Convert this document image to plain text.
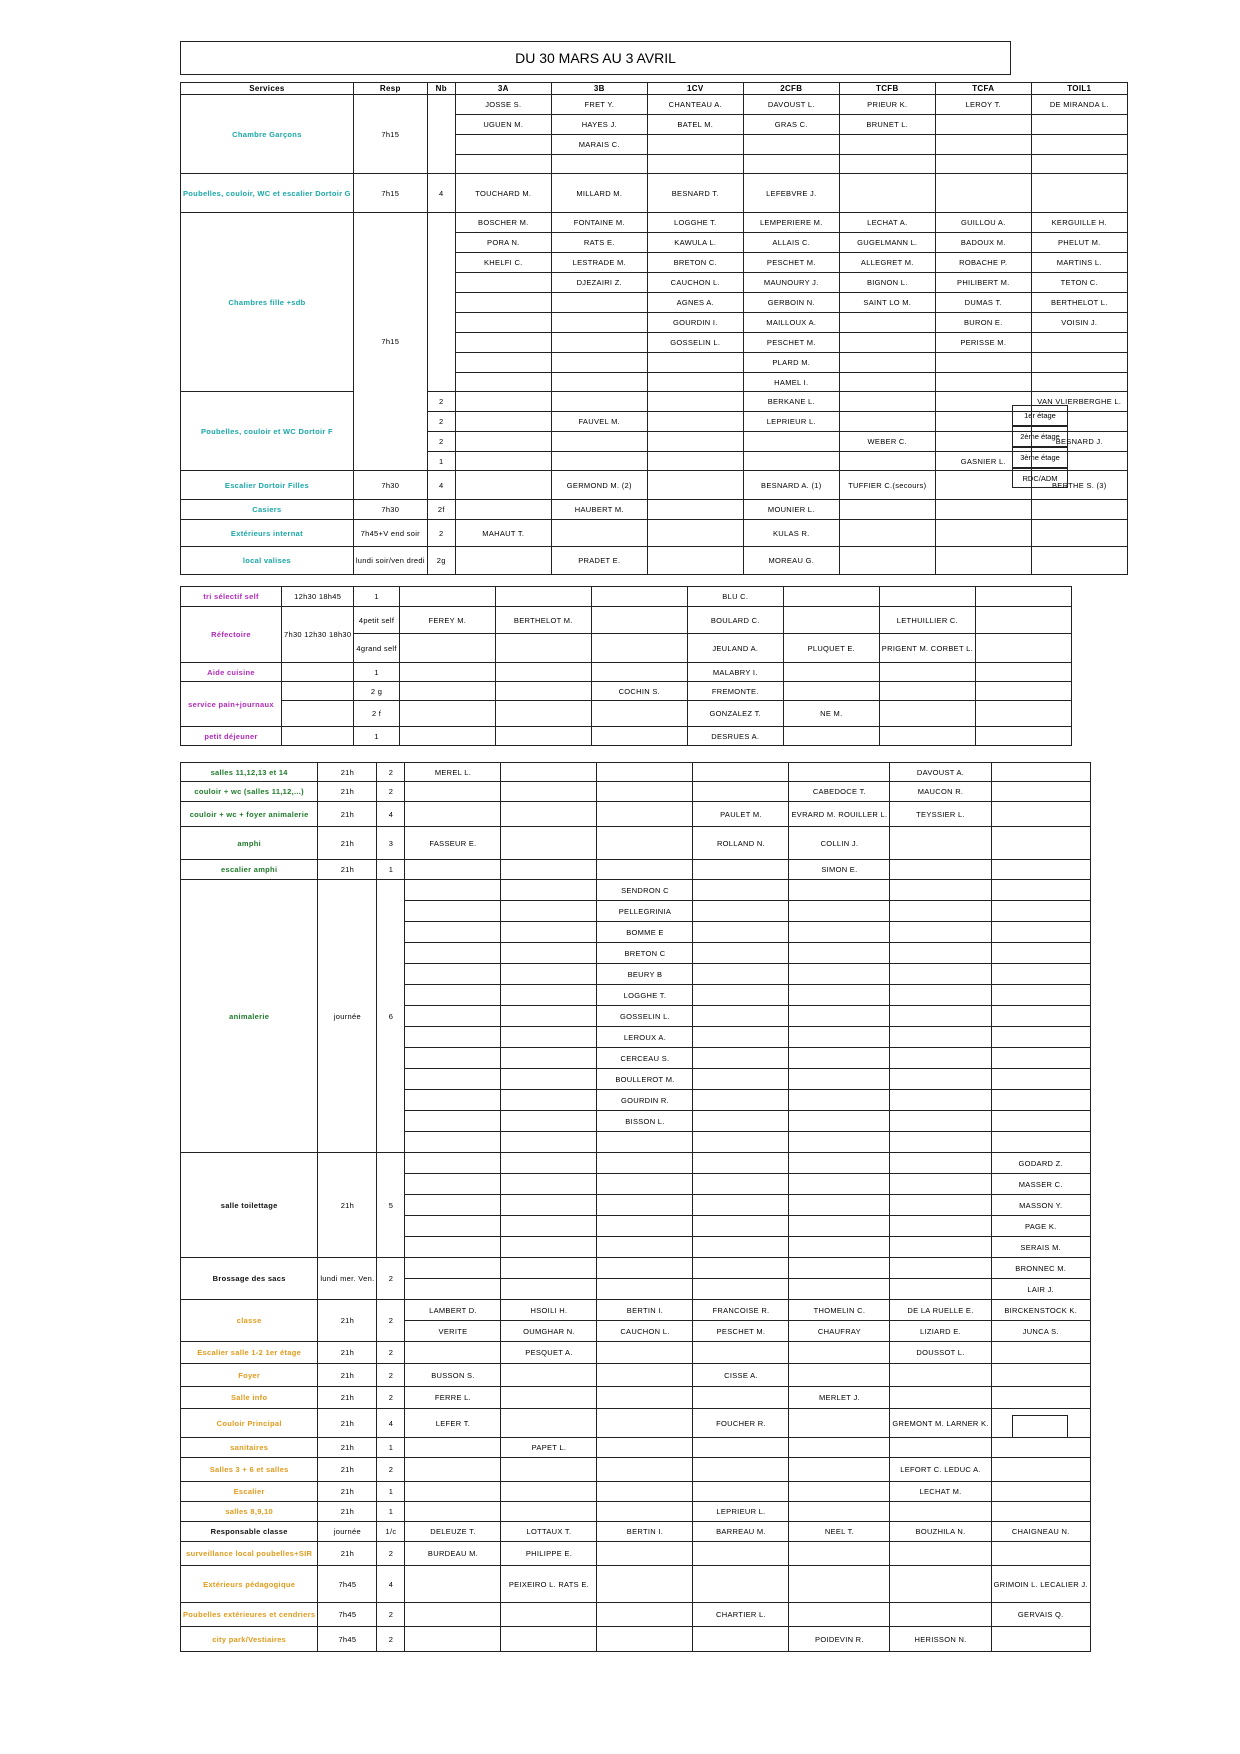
DU 30 MARS AU 3 AVRIL
1er étage
2ème étage
3ème étage
RDC/ADM
Services	Resp	Nb	3A	3B	1CV	2CFB	TCFB	TCFA	TOIL1
Chambre Garçons	7h15		JOSSE S.	FRET Y.	CHANTEAU A.	DAVOUST L.	PRIEUR K.	LEROY T.	DE MIRANDA L.
			UGUEN M.	HAYES J.	BATEL M.	GRAS C.	BRUNET L.		
				MARAIS C.					

Poubelles, couloir, WC et escalier Dortoir G	7h15	4	TOUCHARD M.	MILLARD M.	BESNARD T.	LEFEBVRE J.			
Chambres fille +sdb	7h15		BOSCHER M.	FONTAINE M.	LOGGHE T.	LEMPERIERE M.	LECHAT A.	GUILLOU A.	KERGUILLE H.
			PORA N.	RATS E.	KAWULA L.	ALLAIS C.	GUGELMANN L.	BADOUX M.	PHELUT M.
			KHELFI C.	LESTRADE M.	BRETON C.	PESCHET M.	ALLEGRET M.	ROBACHE P.	MARTINS L.
				DJEZAIRI Z.	CAUCHON L.	MAUNOURY J.	BIGNON L.	PHILIBERT M.	TETON C.
					AGNES A.	GERBOIN N.	SAINT LO M.	DUMAS T.	BERTHELOT L.
					GOURDIN I.	MAILLOUX A.		BURON E.	VOISIN J.
					GOSSELIN L.	PESCHET M.		PERISSE M.	
						PLARD M.			
						HAMEL I.			
Poubelles, couloir et WC Dortoir F		2				BERKANE L.			VAN VLIERBERGHE L.
		2		FAUVEL M.		LEPRIEUR L.			
		2					WEBER C.		BESNARD J.
		1						GASNIER L.	
Escalier Dortoir Filles	7h30	4		GERMOND M. (2)		BESNARD A. (1)	TUFFIER C.(secours)		BERTHE S. (3)
Casiers	7h30	2f		HAUBERT M.		MOUNIER L.			
Extérieurs internat	7h45+V end soir	2	MAHAUT T.			KULAS R.			
local valises	lundi soir/ven dredi	2g		PRADET E.		MOREAU G.			
tri sélectif self	12h30 18h45	1				BLU C.			
Réfectoire	7h30 12h30 18h30	4petit self	FEREY M.	BERTHELOT M.		BOULARD C.		LETHUILLIER C.	
		4grand self				JEULAND A.	PLUQUET E.	PRIGENT M. CORBET L.	
Aide cuisine		1				MALABRY I.			
service pain+journaux		2 g			COCHIN S.	FREMONTE.			
		2 f				GONZALEZ T.	NE M.		
petit déjeuner		1				DESRUES A.			
salles 11,12,13 et 14	21h	2	MEREL L.					DAVOUST A.	
couloir + wc (salles 11,12,...)	21h	2					CABEDOCE T.	MAUCON R.	
couloir + wc + foyer animalerie	21h	4				PAULET M.	EVRARD M. ROUILLER L.	TEYSSIER L.	
amphi	21h	3	FASSEUR E.			ROLLAND N.	COLLIN J.		
escalier amphi	21h	1					SIMON E.		
animalerie	journée	6			SENDRON C				
					PELLEGRINIA				
					BOMME E				
					BRETON C				
					BEURY B				
					LOGGHE T.				
					GOSSELIN L.				
					LEROUX A.				
					CERCEAU S.				
					BOULLEROT M.				
					GOURDIN R.				
					BISSON L.				

salle toilettage	21h	5							GODARD Z.
									MASSER C.
									MASSON Y.
									PAGE K.
									SERAIS M.
Brossage des sacs	lundi mer. Ven.	2							BRONNEC M.
									LAIR J.
classe	21h	2	LAMBERT D.	HSOILI H.	BERTIN I.	FRANCOISE R.	THOMELIN C.	DE LA RUELLE E.	BIRCKENSTOCK K.
			VERITE	OUMGHAR N.	CAUCHON L.	PESCHET M.	CHAUFRAY	LIZIARD E.	JUNCA S.
Escalier salle 1-2 1er étage	21h	2		PESQUET A.				DOUSSOT L.	
Foyer	21h	2	BUSSON S.			CISSE A.			
Salle info	21h	2	FERRE L.				MERLET J.		
Couloir Principal	21h	4	LEFER T.			FOUCHER R.		GREMONT M. LARNER K.	
sanitaires	21h	1		PAPET L.					
Salles 3 + 6 et salles	21h	2						LEFORT C. LEDUC A.	
Escalier	21h	1						LECHAT M.	
salles 8,9,10	21h	1				LEPRIEUR L.			
Responsable classe	journée	1/c	DELEUZE T.	LOTTAUX T.	BERTIN I.	BARREAU M.	NEEL T.	BOUZHILA N.	CHAIGNEAU N.
surveillance local poubelles+SIR	21h	2	BURDEAU M.	PHILIPPE E.					
Extérieurs pédagogique	7h45	4		PEIXEIRO L. RATS E.					GRIMOIN L. LECALIER J.
Poubelles extérieures et cendriers	7h45	2				CHARTIER L.			GERVAIS Q.
city park/Vestiaires	7h45	2					POIDEVIN R.	HERISSON N.	
